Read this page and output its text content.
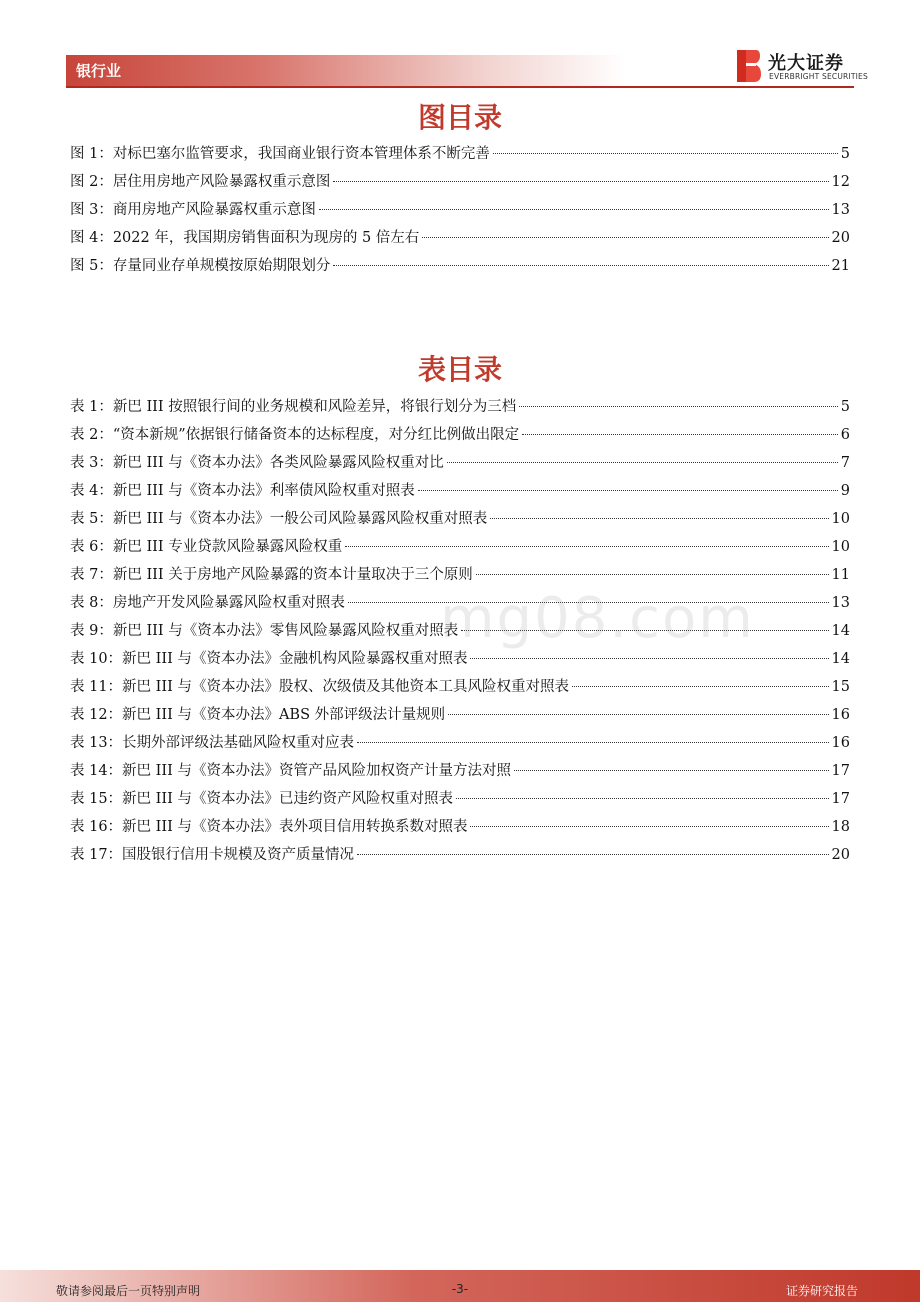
银行业	光大证券
EVERBRIGHT SECURITIES
图目录
图 1：对标巴塞尔监管要求，我国商业银行资本管理体系不断完善	5
图 2：居住用房地产风险暴露权重示意图	12
图 3：商用房地产风险暴露权重示意图	13
图 4：2022 年，我国期房销售面积为现房的 5 倍左右	20
图 5：存量同业存单规模按原始期限划分	21
表目录
表 1：新巴 III 按照银行间的业务规模和风险差异，将银行划分为三档	5
表 2：“资本新规”依据银行储备资本的达标程度，对分红比例做出限定	6
表 3：新巴 III 与《资本办法》各类风险暴露风险权重对比	7
表 4：新巴 III 与《资本办法》利率债风险权重对照表	9
表 5：新巴 III 与《资本办法》一般公司风险暴露风险权重对照表	10
表 6：新巴 III 专业贷款风险暴露风险权重	10
表 7：新巴 III 关于房地产风险暴露的资本计量取决于三个原则	11
表 8：房地产开发风险暴露风险权重对照表	13
表 9：新巴 III 与《资本办法》零售风险暴露风险权重对照表	14
表 10：新巴 III 与《资本办法》金融机构风险暴露权重对照表	14
表 11：新巴 III 与《资本办法》股权、次级债及其他资本工具风险权重对照表	15
表 12：新巴 III 与《资本办法》ABS 外部评级法计量规则	16
表 13：长期外部评级法基础风险权重对应表	16
表 14：新巴 III 与《资本办法》资管产品风险加权资产计量方法对照	17
表 15：新巴 III 与《资本办法》已违约资产风险权重对照表	17
表 16：新巴 III 与《资本办法》表外项目信用转换系数对照表	18
表 17：国股银行信用卡规模及资产质量情况	20
mg08.com
敬请参阅最后一页特别声明	-3-	证券研究报告
